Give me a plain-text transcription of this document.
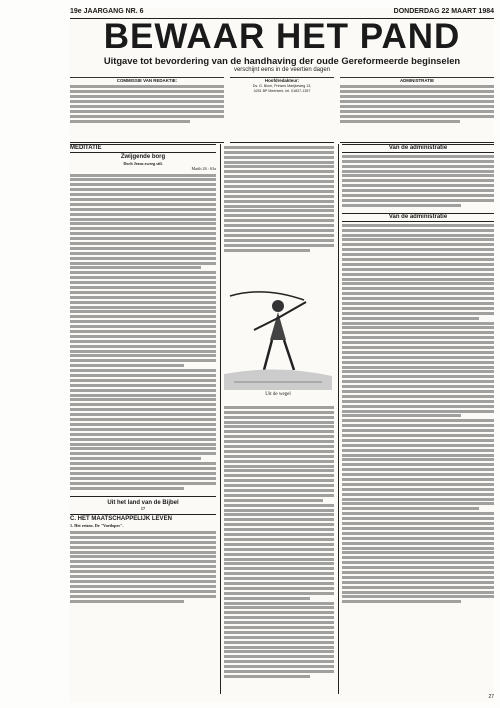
19e JAARGANG NR. 6	DONDERDAG 22 MAART 1984
BEWAAR HET PAND
Uitgave tot bevordering van de handhaving der oude Gereformeerde beginselen
verschijnt eens in de veertien dagen
COMMISSIE VAN REDAKTIE:	Hoofdredakteur:
Ds. G. Blom, Prinses Marijkeweg 13,
4251 BP Meerkerk, tel. 01837-1357
ADMINISTRATIE
MEDITATIE
Zwijgende borg
Doch Jezus zweeg stil.
Matth 26 : 63a
Uit het land van de Bijbel
17
C. HET MAATSCHAPPELIJK LEVEN
1. Het reizen. De "Voetloper".
Uit de wegel
Van de administratie
Van de administratie
27
